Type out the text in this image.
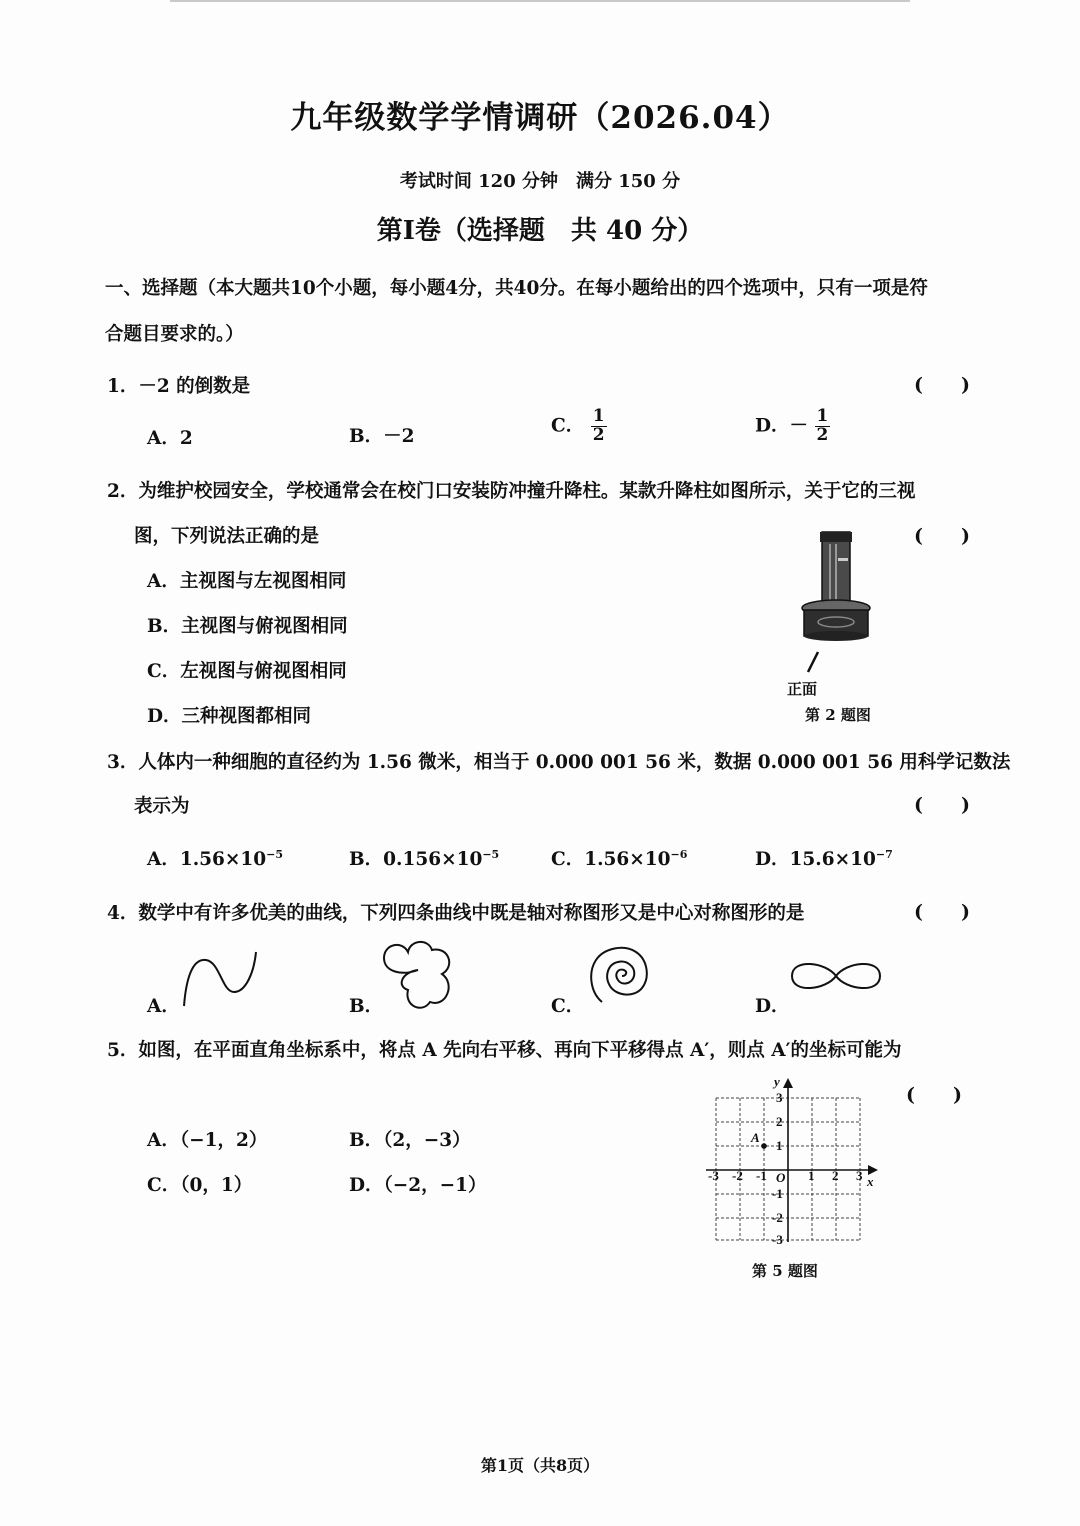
九年级数学学情调研（2026.04）
考试时间 120 分钟　满分 150 分
第Ⅰ卷（选择题　共 40 分）
一、选择题（本大题共10个小题，每小题4分，共40分。在每小题给出的四个选项中，只有一项是符
合题目要求的。）
1．－2 的倒数是	(　　)
A．2	B．－2
C． $\frac{1}{2}$	D．－ $\frac{1}{2}$
2．为维护校园安全，学校通常会在校门口安装防冲撞升降柱。某款升降柱如图所示，关于它的三视
图，下列说法正确的是	(　　)
A．主视图与左视图相同
B．主视图与俯视图相同
C．左视图与俯视图相同
D．三种视图都相同
正面
第 2 题图
3．人体内一种细胞的直径约为 1.56 微米，相当于 0.000 001 56 米，数据 0.000 001 56 用科学记数法
表示为	(　　)
A．$1.56\times 10^{-5}$	B．$0.156\times 10^{-5}$	C．$1.56\times 10^{-6}$	D．$15.6\times 10^{-7}$
4．数学中有许多优美的曲线，下列四条曲线中既是轴对称图形又是中心对称图形的是	(　　)
A．	B．	C．	D．
5．如图，在平面直角坐标系中，将点 A 先向右平移、再向下平移得点 A′，则点 A′的坐标可能为
(　　)
A．（−1，2）	B．（2，−3）
C．（0，1）	D．（−2，−1）
y
x
O
A
-3 -2 -1	1 2 3
3
2
1
-1
-2
-3
第 5 题图
第1页（共8页）
